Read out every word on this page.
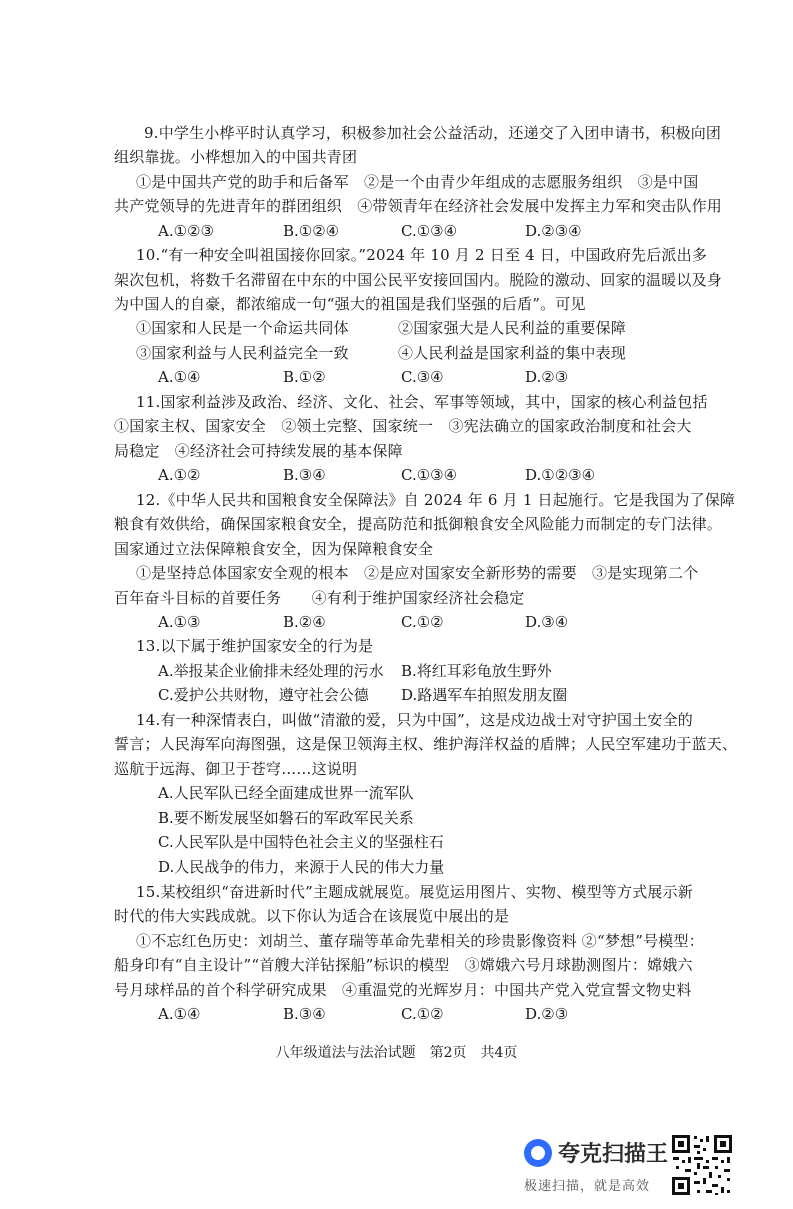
9.中学生小桦平时认真学习，积极参加社会公益活动，还递交了入团申请书，积极向团
组织靠拢。小桦想加入的中国共青团
①是中国共产党的助手和后备军　②是一个由青少年组成的志愿服务组织　③是中国
共产党领导的先进青年的群团组织　④带领青年在经济社会发展中发挥主力军和突击队作用
A.①②③	B.①②④	C.①③④	D.②③④
10.“有一种安全叫祖国接你回家。”2024 年 10 月 2 日至 4 日，中国政府先后派出多
架次包机，将数千名滞留在中东的中国公民平安接回国内。脱险的激动、回家的温暖以及身
为中国人的自豪，都浓缩成一句“强大的祖国是我们坚强的后盾”。可见
①国家和人民是一个命运共同体	②国家强大是人民利益的重要保障
③国家利益与人民利益完全一致	④人民利益是国家利益的集中表现
A.①④	B.①②	C.③④	D.②③
11.国家利益涉及政治、经济、文化、社会、军事等领域，其中，国家的核心利益包括
①国家主权、国家安全　②领土完整、国家统一　③宪法确立的国家政治制度和社会大
局稳定　④经济社会可持续发展的基本保障
A.①②	B.③④	C.①③④	D.①②③④
12.《中华人民共和国粮食安全保障法》自 2024 年 6 月 1 日起施行。它是我国为了保障
粮食有效供给，确保国家粮食安全，提高防范和抵御粮食安全风险能力而制定的专门法律。
国家通过立法保障粮食安全，因为保障粮食安全
①是坚持总体国家安全观的根本　②是应对国家安全新形势的需要　③是实现第二个
百年奋斗目标的首要任务　　④有利于维护国家经济社会稳定
A.①③	B.②④	C.①②	D.③④
13.以下属于维护国家安全的行为是
A.举报某企业偷排未经处理的污水 B.将红耳彩龟放生野外
C.爱护公共财物，遵守社会公德 D.路遇军车拍照发朋友圈
14.有一种深情表白，叫做“清澈的爱，只为中国”，这是戍边战士对守护国土安全的
誓言；人民海军向海图强，这是保卫领海主权、维护海洋权益的盾牌；人民空军建功于蓝天、
巡航于远海、御卫于苍穹……这说明
A.人民军队已经全面建成世界一流军队
B.要不断发展坚如磐石的军政军民关系
C.人民军队是中国特色社会主义的坚强柱石
D.人民战争的伟力，来源于人民的伟大力量
15.某校组织“奋进新时代”主题成就展览。展览运用图片、实物、模型等方式展示新
时代的伟大实践成就。以下你认为适合在该展览中展出的是
①不忘红色历史：刘胡兰、董存瑞等革命先辈相关的珍贵影像资料 ②“梦想”号模型：
船身印有“自主设计”“首艘大洋钻探船”标识的模型　③嫦娥六号月球勘测图片：嫦娥六
号月球样品的首个科学研究成果　④重温党的光辉岁月：中国共产党入党宣誓文物史料
A.①④	B.③④	C.①②	D.②③
八年级道法与法治试题　第2页　共4页
夸克扫描王
极速扫描，就是高效
